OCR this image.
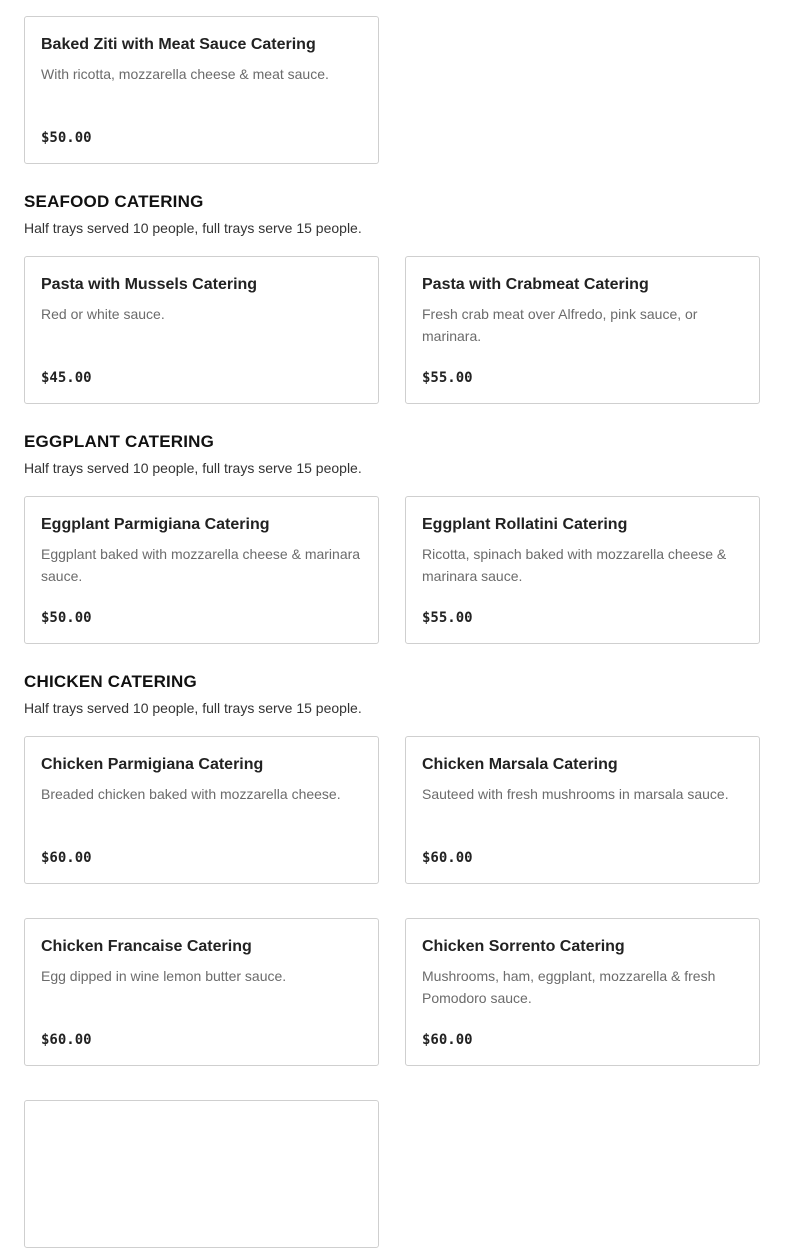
Baked Ziti with Meat Sauce Catering
With ricotta, mozzarella cheese & meat sauce.
$50.00
SEAFOOD CATERING
Half trays served 10 people, full trays serve 15 people.
Pasta with Mussels Catering
Red or white sauce.
$45.00
Pasta with Crabmeat Catering
Fresh crab meat over Alfredo, pink sauce, or marinara.
$55.00
EGGPLANT CATERING
Half trays served 10 people, full trays serve 15 people.
Eggplant Parmigiana Catering
Eggplant baked with mozzarella cheese & marinara sauce.
$50.00
Eggplant Rollatini Catering
Ricotta, spinach baked with mozzarella cheese & marinara sauce.
$55.00
CHICKEN CATERING
Half trays served 10 people, full trays serve 15 people.
Chicken Parmigiana Catering
Breaded chicken baked with mozzarella cheese.
$60.00
Chicken Marsala Catering
Sauteed with fresh mushrooms in marsala sauce.
$60.00
Chicken Francaise Catering
Egg dipped in wine lemon butter sauce.
$60.00
Chicken Sorrento Catering
Mushrooms, ham, eggplant, mozzarella & fresh Pomodoro sauce.
$60.00
